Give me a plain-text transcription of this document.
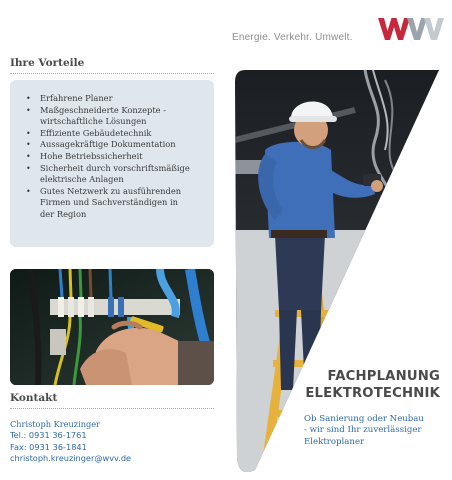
Energie. Verkehr. Umwelt.
Ihre Vorteile
• Erfahrene Planer
• Maßgeschneiderte Konzepte -
wirtschaftliche Lösungen
• Effiziente Gebäudetechnik
• Aussagekräftige Dokumentation
• Hohe Betriebssicherheit
• Sicherheit durch vorschriftsmäßige
elektrische Anlagen
• Gutes Netzwerk zu ausführenden
Firmen und Sachverständigen in
der Region
Kontakt
Christoph Kreuzinger
Tel.: 0931 36-1761
Fax: 0931 36-1841
christoph.kreuzinger@wvv.de
FACHPLANUNG
ELEKTROTECHNIK
Ob Sanierung oder Neubau
- wir sind Ihr zuverlässiger
Elektroplaner
